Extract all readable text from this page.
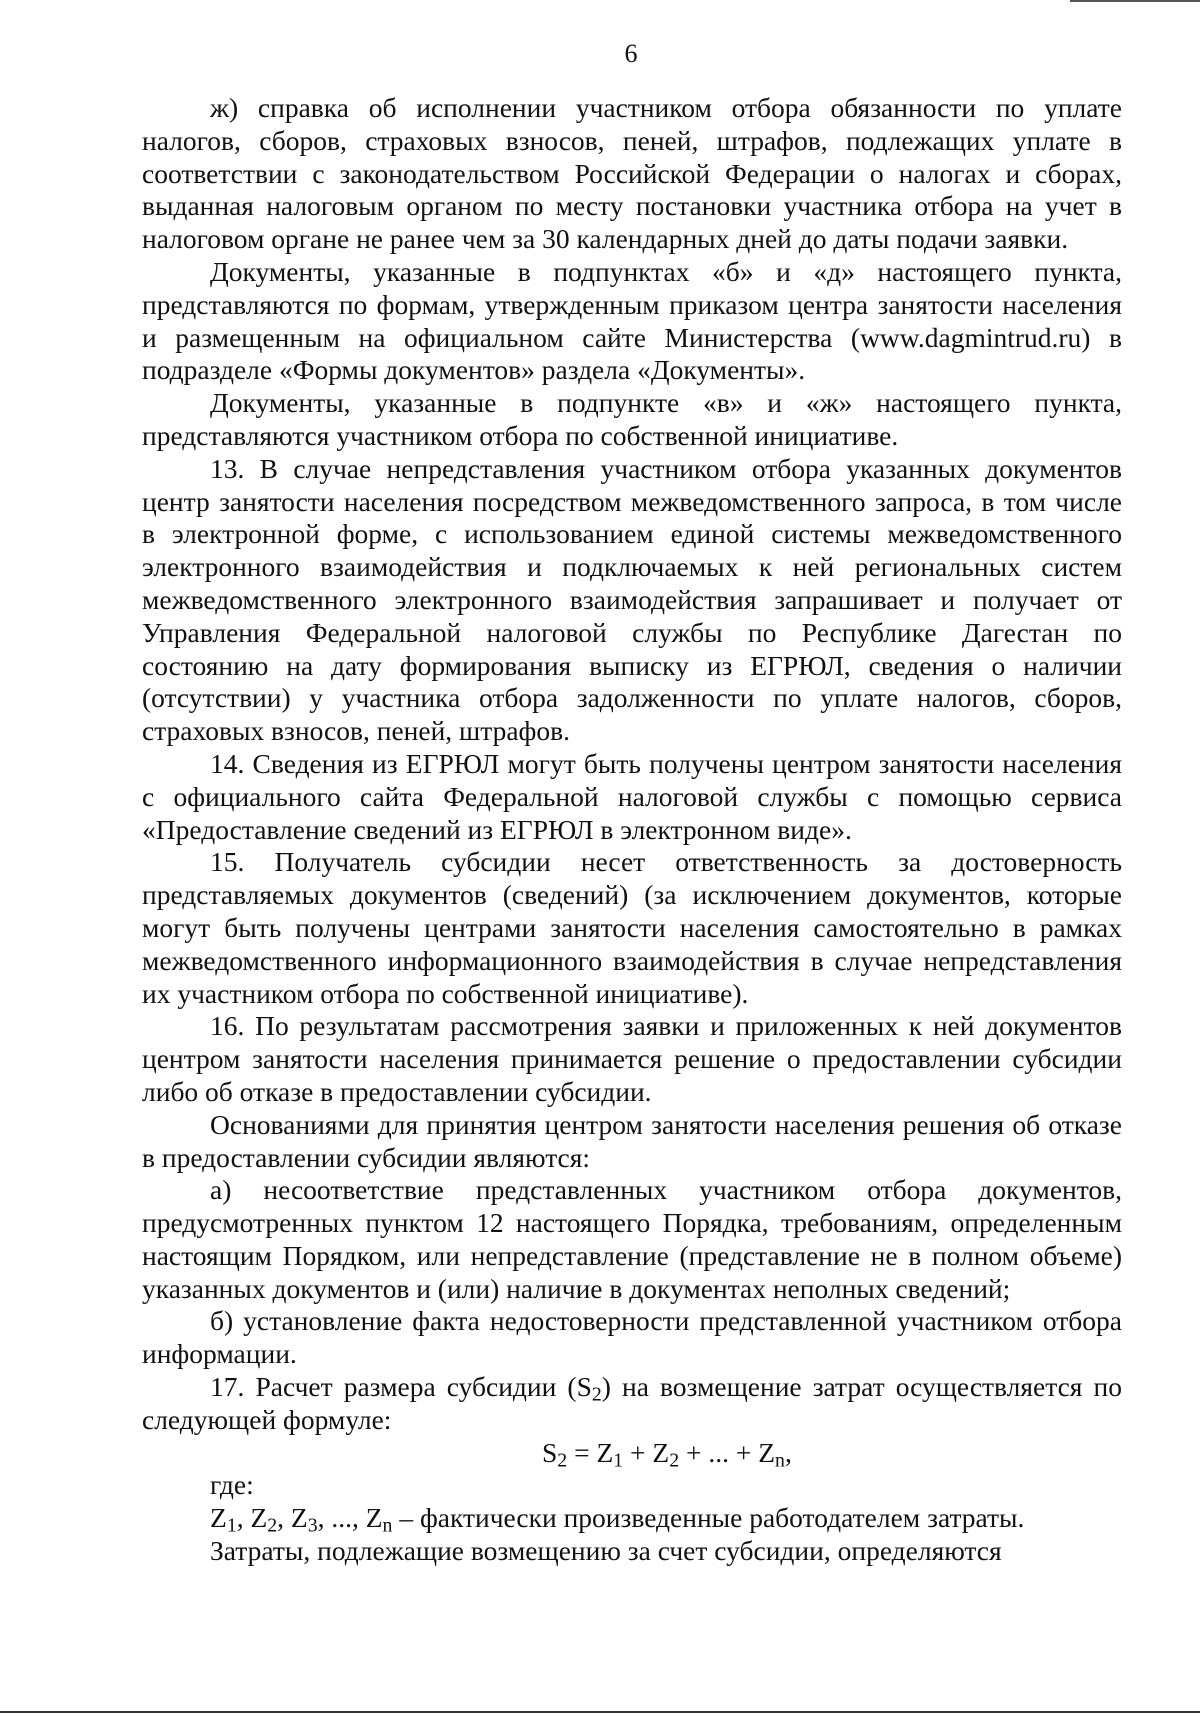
6

ж) справка об исполнении участником отбора обязанности по уплате налогов, сборов, страховых взносов, пеней, штрафов, подлежащих уплате в соответствии с законодательством Российской Федерации о налогах и сборах, выданная налоговым органом по месту постановки участника отбора на учет в налоговом органе не ранее чем за 30 календарных дней до даты подачи заявки.

Документы, указанные в подпунктах «б» и «д» настоящего пункта, представляются по формам, утвержденным приказом центра занятости населения и размещенным на официальном сайте Министерства (www.dagmintrud.ru) в подразделе «Формы документов» раздела «Документы».

Документы, указанные в подпункте «в» и «ж» настоящего пункта, представляются участником отбора по собственной инициативе.

13. В случае непредставления участником отбора указанных документов центр занятости населения посредством межведомственного запроса, в том числе в электронной форме, с использованием единой системы межведомственного электронного взаимодействия и подключаемых к ней региональных систем межведомственного электронного взаимодействия запрашивает и получает от Управления Федеральной налоговой службы по Республике Дагестан по состоянию на дату формирования выписку из ЕГРЮЛ, сведения о наличии (отсутствии) у участника отбора задолженности по уплате налогов, сборов, страховых взносов, пеней, штрафов.

14. Сведения из ЕГРЮЛ могут быть получены центром занятости населения с официального сайта Федеральной налоговой службы с помощью сервиса «Предоставление сведений из ЕГРЮЛ в электронном виде».

15. Получатель субсидии несет ответственность за достоверность представляемых документов (сведений) (за исключением документов, которые могут быть получены центрами занятости населения самостоятельно в рамках межведомственного информационного взаимодействия в случае непредставления их участником отбора по собственной инициативе).

16. По результатам рассмотрения заявки и приложенных к ней документов центром занятости населения принимается решение о предоставлении субсидии либо об отказе в предоставлении субсидии.

Основаниями для принятия центром занятости населения решения об отказе в предоставлении субсидии являются:

а) несоответствие представленных участником отбора документов, предусмотренных пунктом 12 настоящего Порядка, требованиям, определенным настоящим Порядком, или непредставление (представление не в полном объеме) указанных документов и (или) наличие в документах неполных сведений;

б) установление факта недостоверности представленной участником отбора информации.

17. Расчет размера субсидии (S2) на возмещение затрат осуществляется по следующей формуле:

S2 = Z1 + Z2 + ... + Zn,

где:

Z1, Z2, Z3, ..., Zn – фактически произведенные работодателем затраты.

Затраты, подлежащие возмещению за счет субсидии, определяются
